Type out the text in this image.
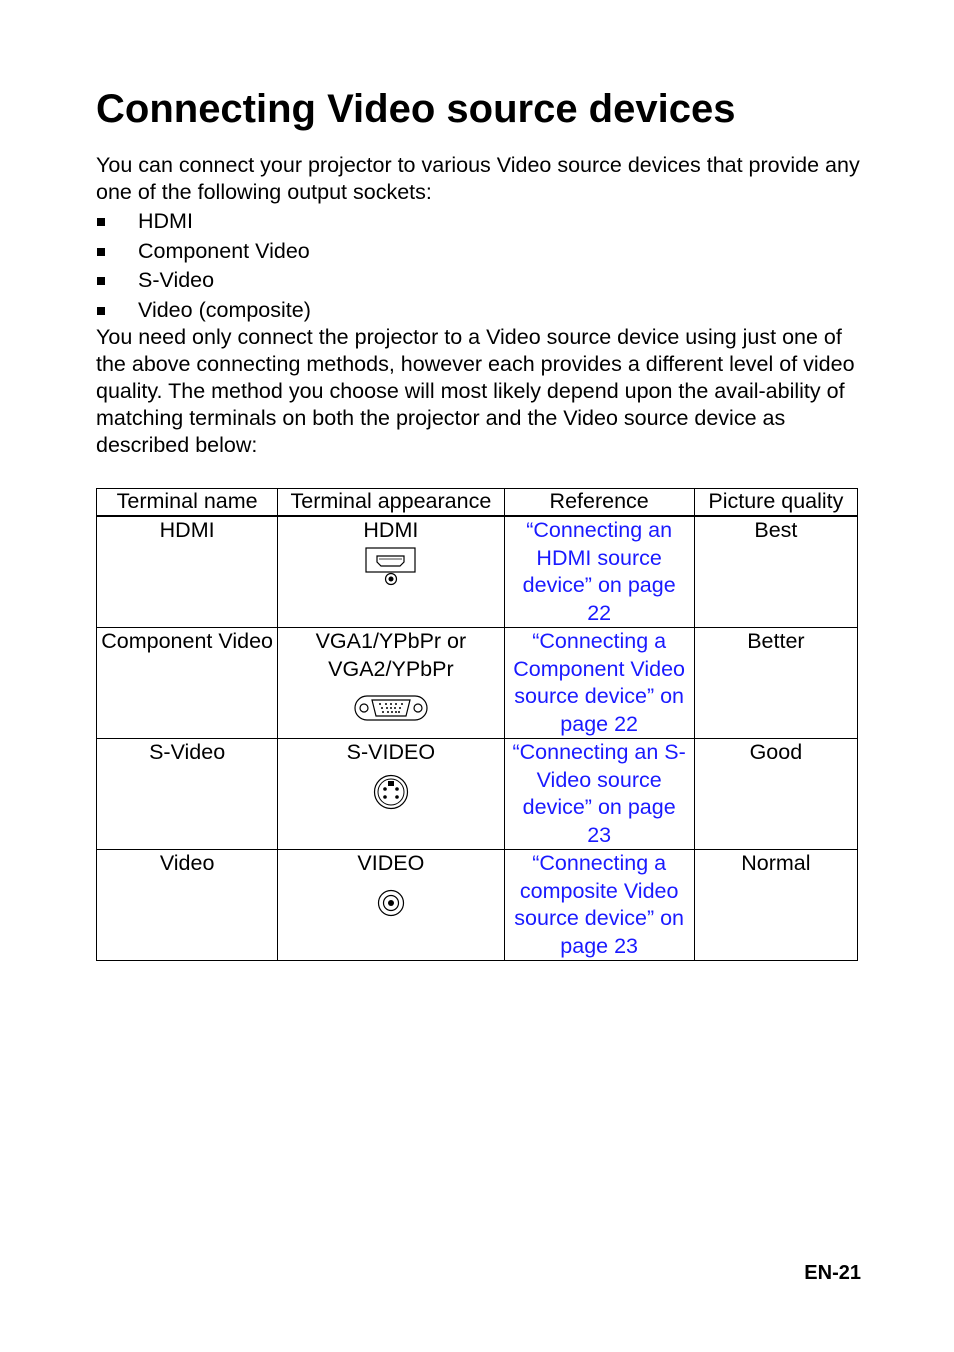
Connecting Video source devices

You can connect your projector to various Video source devices that provide any one of the following output sockets:

HDMI
Component Video
S-Video
Video (composite)

You need only connect the projector to a Video source device using just one of the above connecting methods, however each provides a different level of video quality. The method you choose will most likely depend upon the avail-ability of matching terminals on both the projector and the Video source device as described below:

Terminal name	Terminal appearance	Reference	Picture quality
HDMI	HDMI	“Connecting an HDMI source device” on page 22	Best
Component Video	VGA1/YPbPr or VGA2/YPbPr	“Connecting a Component Video source device” on page 22	Better
S-Video	S-VIDEO	“Connecting an S-Video source device” on page 23	Good
Video	VIDEO	“Connecting a composite Video source device” on page 23	Normal
EN-21
